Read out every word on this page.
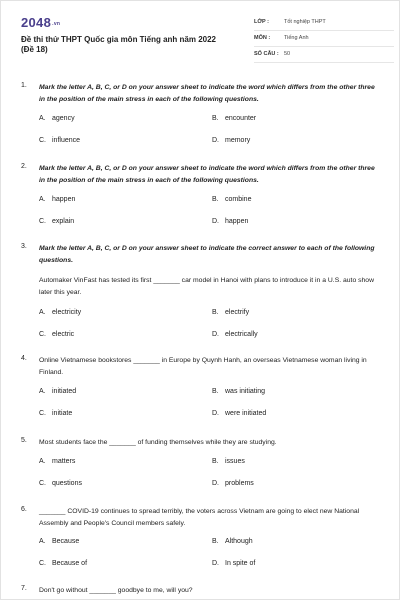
$2048^{.vn}$
Đề thi thử THPT Quốc gia môn Tiếng anh năm 2022 (Đề 18)
LỚP :	Tốt nghiệp THPT
MÔN :	Tiếng Anh
SỐ CÂU : 50
1. Mark the letter A, B, C, or D on your answer sheet to indicate the word which differs from the other three in the position of the main stress in each of the following questions.
A. agency	B. encounter
C. influence	D. memory
2. Mark the letter A, B, C, or D on your answer sheet to indicate the word which differs from the other three in the position of the main stress in each of the following questions.
A. happen	B. combine
C. explain	D. happen
3. Mark the letter A, B, C, or D on your answer sheet to indicate the correct answer to each of the following questions.
Automaker VinFast has tested its first _______ car model in Hanoi with plans to introduce it in a U.S. auto show later this year.
A. electricity	B. electrify
C. electric	D. electrically
4. Online Vietnamese bookstores _______ in Europe by Quynh Hanh, an overseas Vietnamese woman living in Finland.
A. initiated	B. was initiating
C. initiate	D. were initiated
5. Most students face the _______ of funding themselves while they are studying.
A. matters	B. issues
C. questions	D. problems
6. _______ COVID-19 continues to spread terribly, the voters across Vietnam are going to elect new National Assembly and People's Council members safely.
A. Because	B. Although
C. Because of	D. In spite of
7. Don't go without _______ goodbye to me, will you?
